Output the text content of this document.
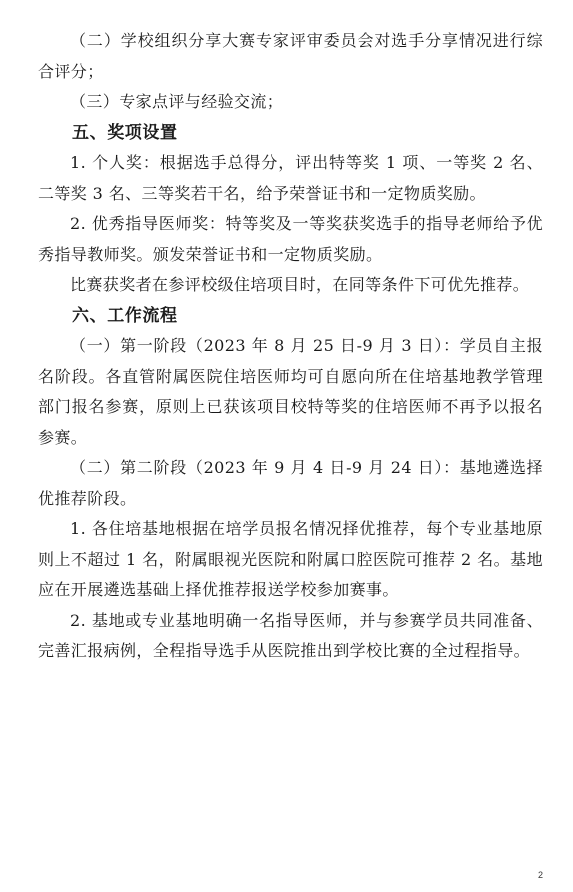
（二）学校组织分享大赛专家评审委员会对选手分享情况进行综合评分；

（三）专家点评与经验交流；

五、奖项设置

1. 个人奖：根据选手总得分，评出特等奖 1 项、一等奖 2 名、二等奖 3 名、三等奖若干名，给予荣誉证书和一定物质奖励。

2. 优秀指导医师奖：特等奖及一等奖获奖选手的指导老师给予优秀指导教师奖。颁发荣誉证书和一定物质奖励。

比赛获奖者在参评校级住培项目时，在同等条件下可优先推荐。

六、工作流程

（一）第一阶段（2023 年 8 月 25 日-9 月 3 日）：学员自主报名阶段。各直管附属医院住培医师均可自愿向所在住培基地教学管理部门报名参赛，原则上已获该项目校特等奖的住培医师不再予以报名参赛。

（二）第二阶段（2023 年 9 月 4 日-9 月 24 日）：基地遴选择优推荐阶段。

1. 各住培基地根据在培学员报名情况择优推荐，每个专业基地原则上不超过 1 名，附属眼视光医院和附属口腔医院可推荐 2 名。基地应在开展遴选基础上择优推荐报送学校参加赛事。

2. 基地或专业基地明确一名指导医师，并与参赛学员共同准备、完善汇报病例，全程指导选手从医院推出到学校比赛的全过程指导。

2
